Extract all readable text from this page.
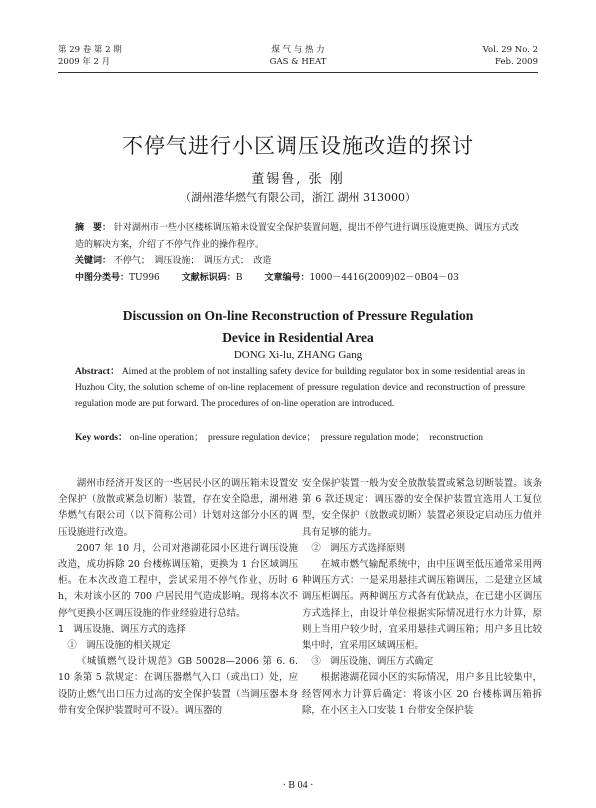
第 29 卷 第 2 期
2009 年 2 月
煤 气 与 热 力
GAS & HEAT
Vol. 29 No. 2
Feb. 2009
不停气进行小区调压设施改造的探讨
董锡鲁, 张 刚
（湖州港华燃气有限公司，浙江 湖州 313000）
摘　要： 针对湖州市一些小区楼栋调压箱未设置安全保护装置问题，提出不停气进行调压设施更换、调压方式改造的解决方案，介绍了不停气作业的操作程序。
关键词： 不停气；　调压设施；　调压方式；　改造
中图分类号：TU996 文献标识码：B 文章编号：1000－4416(2009)02－0B04－03
Discussion on On-line Reconstruction of Pressure Regulation
Device in Residential Area
DONG Xi-lu, ZHANG Gang
Abstract： Aimed at the problem of not installing safety device for building regulator box in some residential areas in Huzhou City, the solution scheme of on-line replacement of pressure regulation device and reconstruction of pressure regulation mode are put forward. The procedures of on-line operation are introduced.
Key words： on-line operation；　pressure regulation device；　pressure regulation mode；　reconstruction

湖州市经济开发区的一些居民小区的调压箱未设置安全保护（放散或紧急切断）装置，存在安全隐患，湖州港华燃气有限公司（以下简称公司）计划对这部分小区的调压设施进行改造。

2007 年 10 月，公司对港湖花园小区进行调压设施改造，成功拆除 20 台楼栋调压箱，更换为 1 台区域调压柜。在本次改造工程中，尝试采用不停气作业，历时 6 h，未对该小区的 700 户居民用气造成影响。现将本次不停气更换小区调压设施的作业经验进行总结。

1　调压设施、调压方式的选择

①　调压设施的相关规定

《城镇燃气设计规范》GB 50028—2006 第 6. 6. 10 条第 5 款规定：在调压器燃气入口（或出口）处，应设防止燃气出口压力过高的安全保护装置（当调压器本身带有安全保护装置时可不设）。调压器的

安全保护装置一般为安全放散装置或紧急切断装置。该条第 6 款还规定：调压器的安全保护装置宜选用人工复位型，安全保护（放散或切断）装置必须设定启动压力值并具有足够的能力。

②　调压方式选择原则

在城市燃气输配系统中，由中压调至低压通常采用两种调压方式：一是采用悬挂式调压箱调压，二是建立区域调压柜调压。两种调压方式各有优缺点，在已建小区调压方式选择上，由设计单位根据实际情况进行水力计算，原则上当用户较少时，宜采用悬挂式调压箱；用户多且比较集中时，宜采用区域调压柜。

③　调压设施、调压方式确定

根据港湖花园小区的实际情况，用户多且比较集中，经管网水力计算后确定：将该小区 20 台楼栋调压箱拆除，在小区主入口安装 1 台带安全保护装

· B 04 ·
